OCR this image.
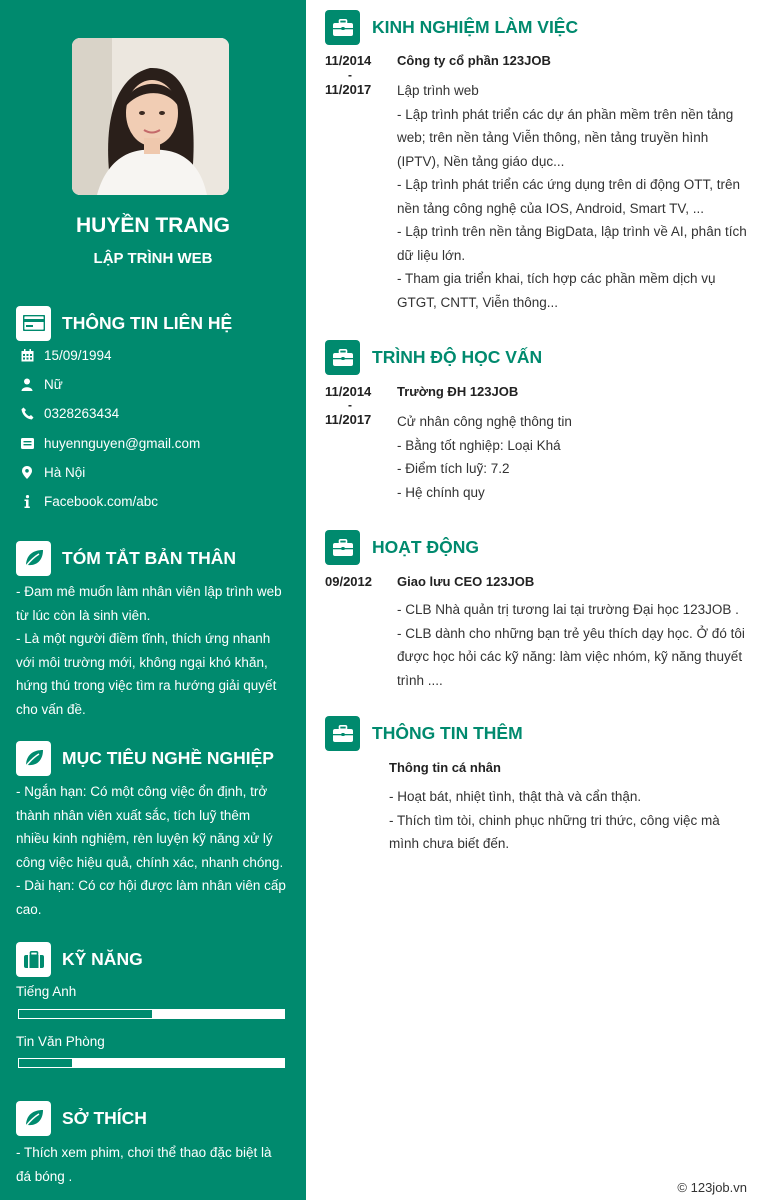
HUYỀN TRANG
LẬP TRÌNH WEB
THÔNG TIN LIÊN HỆ
15/09/1994
Nữ
0328263434
huyennguyen@gmail.com
Hà Nội
Facebook.com/abc
TÓM TẮT BẢN THÂN
- Đam mê muốn làm nhân viên lập trình web
từ lúc còn là sinh viên.
- Là một người điềm tĩnh, thích ứng nhanh
với môi trường mới, không ngại khó khăn,
hứng thú trong việc tìm ra hướng giải quyết
cho vấn đề.
MỤC TIÊU NGHỀ NGHIỆP
- Ngắn hạn: Có một công việc ổn định, trở
thành nhân viên xuất sắc, tích luỹ thêm
nhiều kinh nghiệm, rèn luyện kỹ năng xử lý
công việc hiệu quả, chính xác, nhanh chóng.
- Dài hạn: Có cơ hội được làm nhân viên cấp
cao.
KỸ NĂNG
Tiếng Anh
Tin Văn Phòng
SỞ THÍCH
- Thích xem phim, chơi thể thao đặc biệt là
đá bóng .
KINH NGHIỆM LÀM VIỆC
11/2014
-
11/2017
Công ty cổ phần 123JOB
Lập trình web
- Lập trình phát triển các dự án phần mềm trên nền tảng
web; trên nền tảng Viễn thông, nền tảng truyền hình
(IPTV), Nền tảng giáo dục...
- Lập trình phát triển các ứng dụng trên di động OTT, trên
nền tảng công nghệ của IOS, Android, Smart TV, ...
- Lập trình trên nền tảng BigData, lập trình về AI, phân tích
dữ liệu lớn.
- Tham gia triển khai, tích hợp các phần mềm dịch vụ
GTGT, CNTT, Viễn thông...
TRÌNH ĐỘ HỌC VẤN
11/2014
-
11/2017
Trường ĐH 123JOB
Cử nhân công nghệ thông tin
- Bằng tốt nghiệp: Loại Khá
- Điểm tích luỹ: 7.2
- Hệ chính quy
HOẠT ĐỘNG
09/2012 Giao lưu CEO 123JOB
- CLB Nhà quản trị tương lai tại trường Đại học 123JOB .
- CLB dành cho những bạn trẻ yêu thích dạy học. Ở đó tôi
được học hỏi các kỹ năng: làm việc nhóm, kỹ năng thuyết
trình ....
THÔNG TIN THÊM
Thông tin cá nhân
- Hoạt bát, nhiệt tình, thật thà và cẩn thận.
- Thích tìm tòi, chinh phục những tri thức, công việc mà
mình chưa biết đến.
© 123job.vn
